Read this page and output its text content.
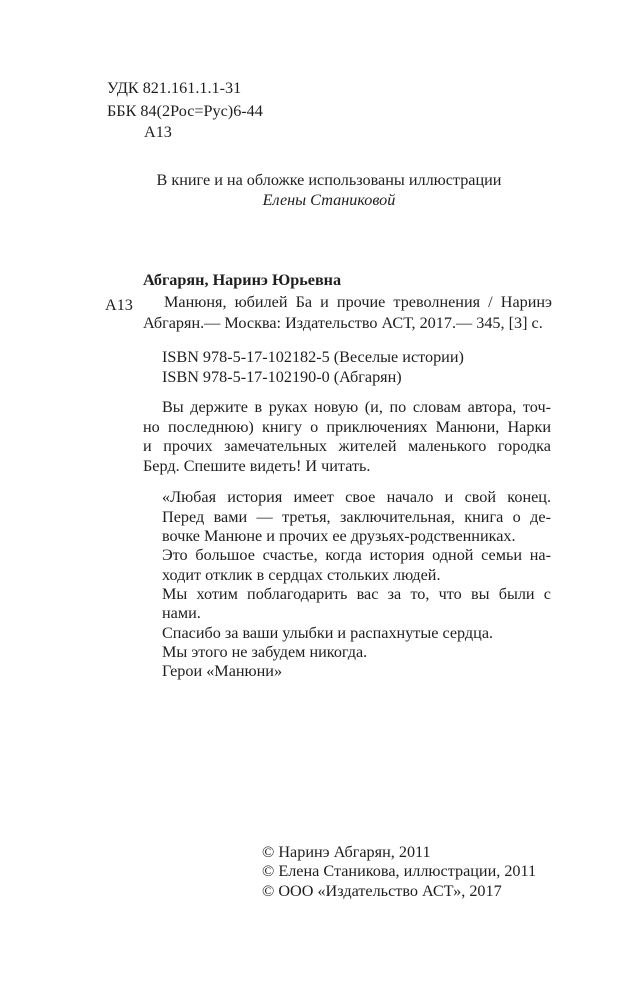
УДК 821.161.1.1-31
ББК 84(2Рос=Рус)6-44
А13
В книге и на обложке использованы иллюстрации
Елены Станиковой
Абгарян, Наринэ Юрьевна
А13 Манюня, юбилей Ба и прочие треволнения / Наринэ
Абгарян.— Москва: Издательство АСТ, 2017.— 345, [3] с.
ISBN 978-5-17-102182-5 (Веселые истории)
ISBN 978-5-17-102190-0 (Абгарян)
Вы держите в руках новую (и, по словам автора, точ-
но последнюю) книгу о приключениях Манюни, Нарки
и прочих замечательных жителей маленького городка
Берд. Спешите видеть! И читать.
«Любая история имеет свое начало и свой конец.
Перед вами — третья, заключительная, книга о де-
вочке Манюне и прочих ее друзьях-родственниках.
Это большое счастье, когда история одной семьи на-
ходит отклик в сердцах стольких людей.
Мы хотим поблагодарить вас за то, что вы были с
нами.
Спасибо за ваши улыбки и распахнутые сердца.
Мы этого не забудем никогда.
Герои «Манюни»
© Наринэ Абгарян, 2011
© Елена Станикова, иллюстрации, 2011
© ООО «Издательство АСТ», 2017
